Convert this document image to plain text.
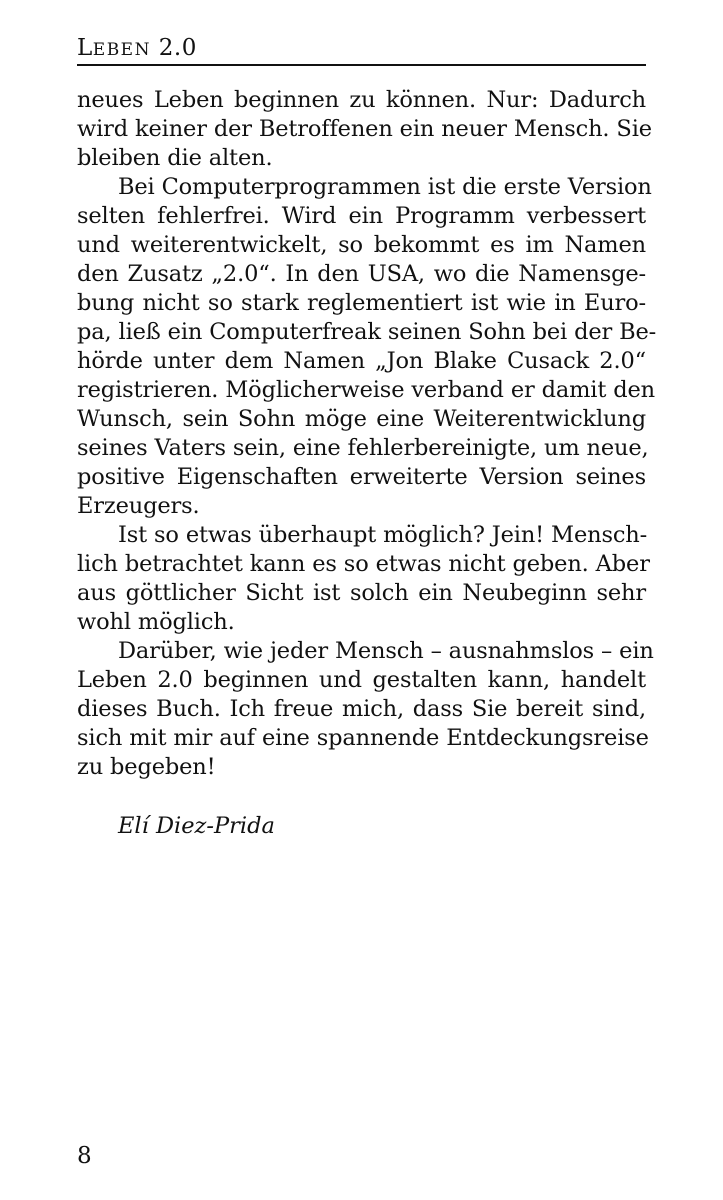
LEBEN 2.0
neues Leben beginnen zu können. Nur: Dadurch
wird keiner der Betroffenen ein neuer Mensch. Sie
bleiben die alten.
Bei Computerprogrammen ist die erste Version
selten fehlerfrei. Wird ein Programm verbessert
und weiterentwickelt, so bekommt es im Namen
den Zusatz „2.0“. In den USA, wo die Namensge-
bung nicht so stark reglementiert ist wie in Euro-
pa, ließ ein Computerfreak seinen Sohn bei der Be-
hörde unter dem Namen „Jon Blake Cusack 2.0“
registrieren. Möglicherweise verband er damit den
Wunsch, sein Sohn möge eine Weiterentwicklung
seines Vaters sein, eine fehlerbereinigte, um neue,
positive Eigenschaften erweiterte Version seines
Erzeugers.
Ist so etwas überhaupt möglich? Jein! Mensch-
lich betrachtet kann es so etwas nicht geben. Aber
aus göttlicher Sicht ist solch ein Neubeginn sehr
wohl möglich.
Darüber, wie jeder Mensch – ausnahmslos – ein
Leben 2.0 beginnen und gestalten kann, handelt
dieses Buch. Ich freue mich, dass Sie bereit sind,
sich mit mir auf eine spannende Entdeckungsreise
zu begeben!
Elí Diez-Prida
8
